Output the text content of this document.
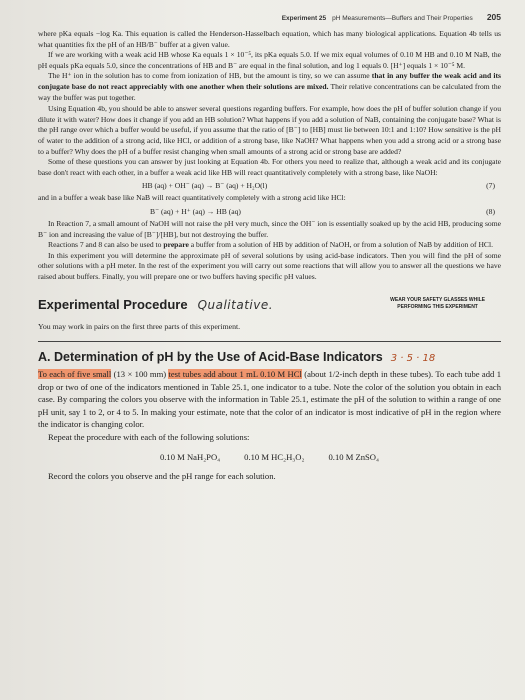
Experiment 25 pH Measurements—Buffers and Their Properties 205

where pKa equals −log Ka. This equation is called the Henderson-Hasselbach equation, which has many biological applications. Equation 4b tells us what quantities fix the pH of an HB/B⁻ buffer at a given value.

If we are working with a weak acid HB whose Ka equals 1 × 10⁻⁵, its pKa equals 5.0. If we mix equal volumes of 0.10 M HB and 0.10 M NaB, the pH equals pKa equals 5.0, since the concentrations of HB and B⁻ are equal in the final solution, and log 1 equals 0. [H⁺] equals 1 × 10⁻⁵ M.

The H⁺ ion in the solution has to come from ionization of HB, but the amount is tiny, so we can assume that in any buffer the weak acid and its conjugate base do not react appreciably with one another when their solutions are mixed. Their relative concentrations can be calculated from the way the buffer was put together.

Using Equation 4b, you should be able to answer several questions regarding buffers. For example, how does the pH of buffer solution change if you dilute it with water? How does it change if you add an HB solution? What happens if you add a solution of NaB, containing the conjugate base? What is the pH range over which a buffer would be useful, if you assume that the ratio of [B⁻] to [HB] must lie between 10:1 and 1:10? How sensitive is the pH of water to the addition of a strong acid, like HCl, or addition of a strong base, like NaOH? What happens when you add a strong acid or a strong base to a buffer? Why does the pH of a buffer resist changing when small amounts of a strong acid or strong base are added?

Some of these questions you can answer by just looking at Equation 4b. For others you need to realize that, although a weak acid and its conjugate base don't react with each other, in a buffer a weak acid like HB will react quantitatively completely with a strong base, like NaOH:

HB (aq) + OH⁻ (aq) → B⁻ (aq) + H₂O(l)	(7)

and in a buffer a weak base like NaB will react quantitatively completely with a strong acid like HCl:

B⁻ (aq) + H⁺ (aq) → HB (aq)	(8)

In Reaction 7, a small amount of NaOH will not raise the pH very much, since the OH⁻ ion is essentially soaked up by the acid HB, producing some B⁻ ion and increasing the value of [B⁻]/[HB], but not destroying the buffer.

Reactions 7 and 8 can also be used to prepare a buffer from a solution of HB by addition of NaOH, or from a solution of NaB by addition of HCl.

In this experiment you will determine the approximate pH of several solutions by using acid-base indicators. Then you will find the pH of some other solutions with a pH meter. In the rest of the experiment you will carry out some reactions that will allow you to answer all the questions we have raised about buffers. Finally, you will prepare one or two buffers having specific pH values.

Experimental Procedure Qualitative.	WEAR YOUR SAFETY GLASSES WHILE
PERFORMING THIS EXPERIMENT

You may work in pairs on the first three parts of this experiment.

A. Determination of pH by the Use of Acid-Base Indicators 3 · 5 · 18

To each of five small (13 × 100 mm) test tubes add about 1 mL 0.10 M HCl (about 1/2-inch depth in these tubes). To each tube add 1 drop or two of one of the indicators mentioned in Table 25.1, one indicator to a tube. Note the color of the solution you obtain in each case. By comparing the colors you observe with the information in Table 25.1, estimate the pH of the solution to within a range of one pH unit, say 1 to 2, or 4 to 5. In making your estimate, note that the color of an indicator is most indicative of pH in the region where the indicator is changing color.

Repeat the procedure with each of the following solutions:

0.10 M NaH₂PO₄	0.10 M HC₂H₃O₂	0.10 M ZnSO₄

Record the colors you observe and the pH range for each solution.
